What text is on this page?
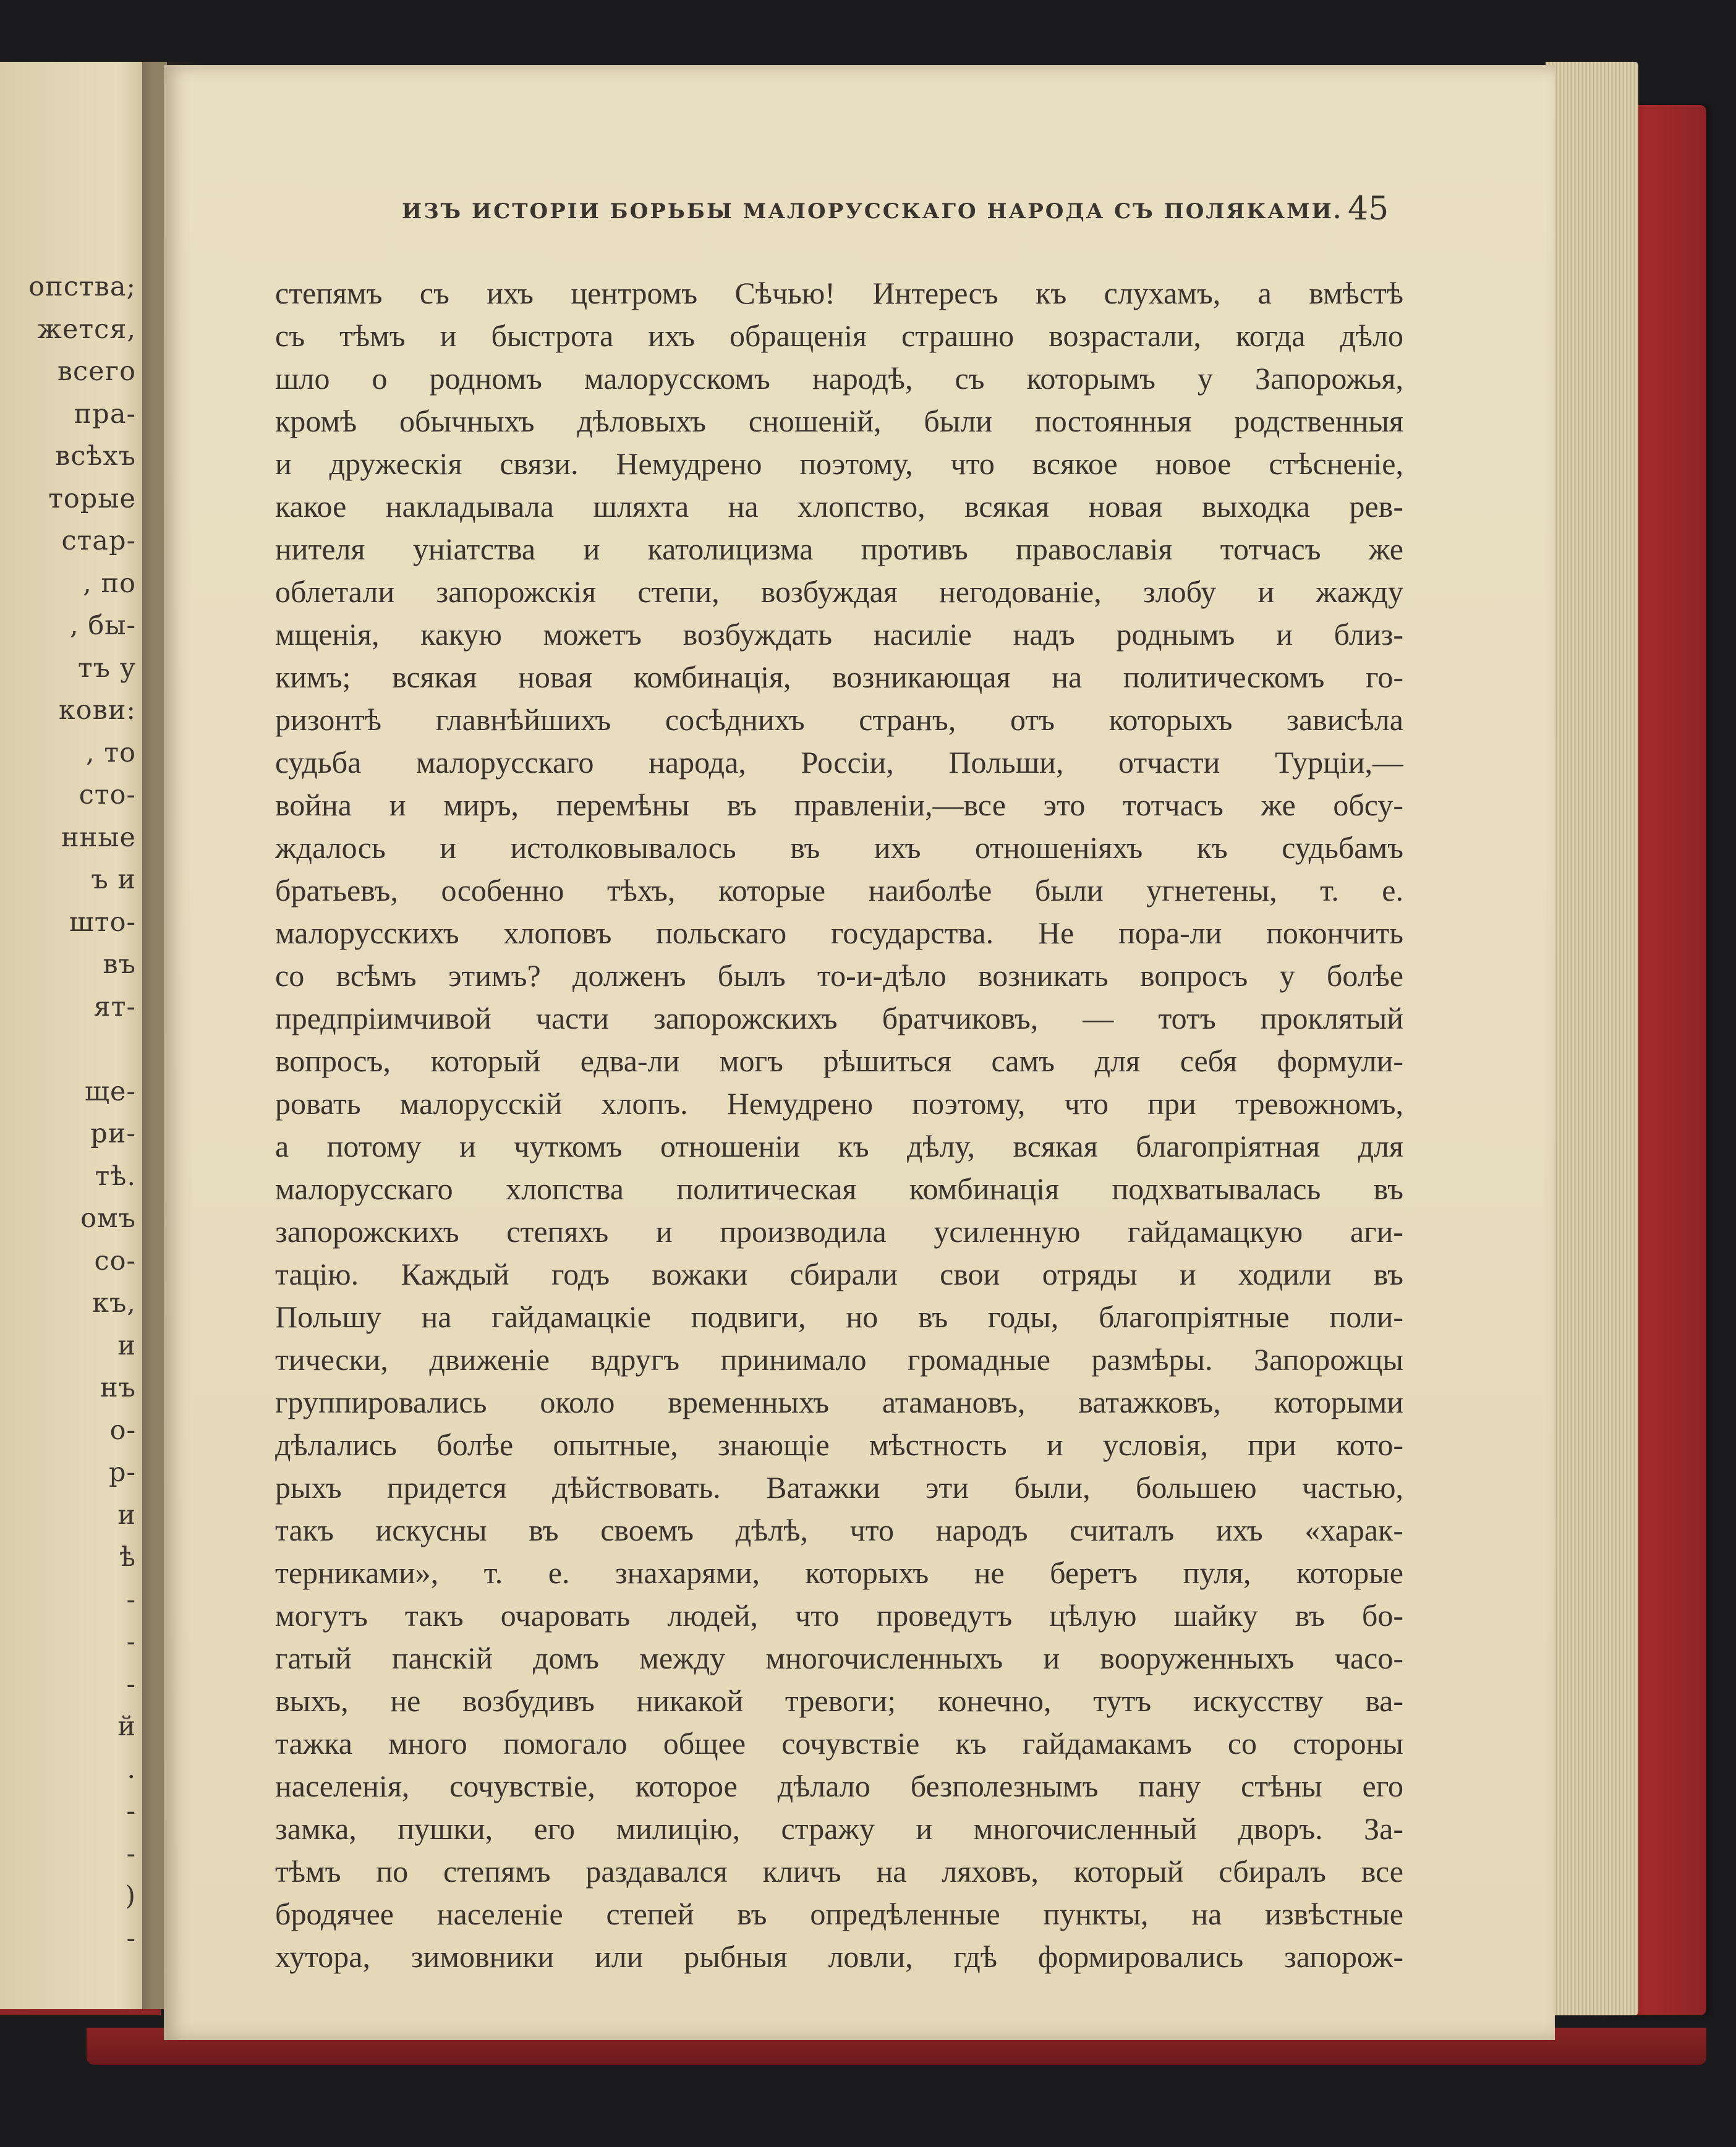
опства;
жется,
всего
пра-
всѣхъ
торые
стар-
, по
, бы-
тъ у
кови:
, то
сто-
нные
ъ и
што-
въ
ят-
ще-
ри-
тѣ.
омъ
со-
къ,
и
нъ
о-
р-
и
ѣ
-
-
-
й
.
-
-
)
-
ИЗЪ ИСТОРІИ БОРЬБЫ МАЛОРУССКАГО НАРОДА СЪ ПОЛЯКАМИ. 45
степямъ съ ихъ центромъ Сѣчью! Интересъ къ слухамъ, а вмѣстѣ
съ тѣмъ и быстрота ихъ обращенія страшно возрастали, когда дѣло
шло о родномъ малорусскомъ народѣ, съ которымъ у Запорожья,
кромѣ обычныхъ дѣловыхъ сношеній, были постоянныя родственныя
и дружескія связи. Немудрено поэтому, что всякое новое стѣсненіе,
какое накладывала шляхта на хлопство, всякая новая выходка рев-
нителя уніатства и католицизма противъ православія тотчасъ же
облетали запорожскія степи, возбуждая негодованіе, злобу и жажду
мщенія, какую можетъ возбуждать насиліе надъ роднымъ и близ-
кимъ; всякая новая комбинація, возникающая на политическомъ го-
ризонтѣ главнѣйшихъ сосѣднихъ странъ, отъ которыхъ зависѣла
судьба малорусскаго народа, Россіи, Польши, отчасти Турціи,—
война и миръ, перемѣны въ правленіи,—все это тотчасъ же обсу-
ждалось и истолковывалось въ ихъ отношеніяхъ къ судьбамъ
братьевъ, особенно тѣхъ, которые наиболѣе были угнетены, т. е.
малорусскихъ хлоповъ польскаго государства. Не пора-ли покончить
со всѣмъ этимъ? долженъ былъ то-и-дѣло возникать вопросъ у болѣе
предпріимчивой части запорожскихъ братчиковъ, — тотъ проклятый
вопросъ, который едва-ли могъ рѣшиться самъ для себя формули-
ровать малорусскій хлопъ. Немудрено поэтому, что при тревожномъ,
а потому и чуткомъ отношеніи къ дѣлу, всякая благопріятная для
малорусскаго хлопства политическая комбинація подхватывалась въ
запорожскихъ степяхъ и производила усиленную гайдамацкую аги-
тацію. Каждый годъ вожаки сбирали свои отряды и ходили въ
Польшу на гайдамацкіе подвиги, но въ годы, благопріятные поли-
тически, движеніе вдругъ принимало громадные размѣры. Запорожцы
группировались около временныхъ атамановъ, ватажковъ, которыми
дѣлались болѣе опытные, знающіе мѣстность и условія, при кото-
рыхъ придется дѣйствовать. Ватажки эти были, большею частью,
такъ искусны въ своемъ дѣлѣ, что народъ считалъ ихъ «харак-
терниками», т. е. знахарями, которыхъ не беретъ пуля, которые
могутъ такъ очаровать людей, что проведутъ цѣлую шайку въ бо-
гатый панскій домъ между многочисленныхъ и вооруженныхъ часо-
выхъ, не возбудивъ никакой тревоги; конечно, тутъ искусству ва-
тажка много помогало общее сочувствіе къ гайдамакамъ со стороны
населенія, сочувствіе, которое дѣлало безполезнымъ пану стѣны его
замка, пушки, его милицію, стражу и многочисленный дворъ. За-
тѣмъ по степямъ раздавался кличъ на ляховъ, который сбиралъ все
бродячее населеніе степей въ опредѣленные пункты, на извѣстные
хутора, зимовники или рыбныя ловли, гдѣ формировались запорож-
